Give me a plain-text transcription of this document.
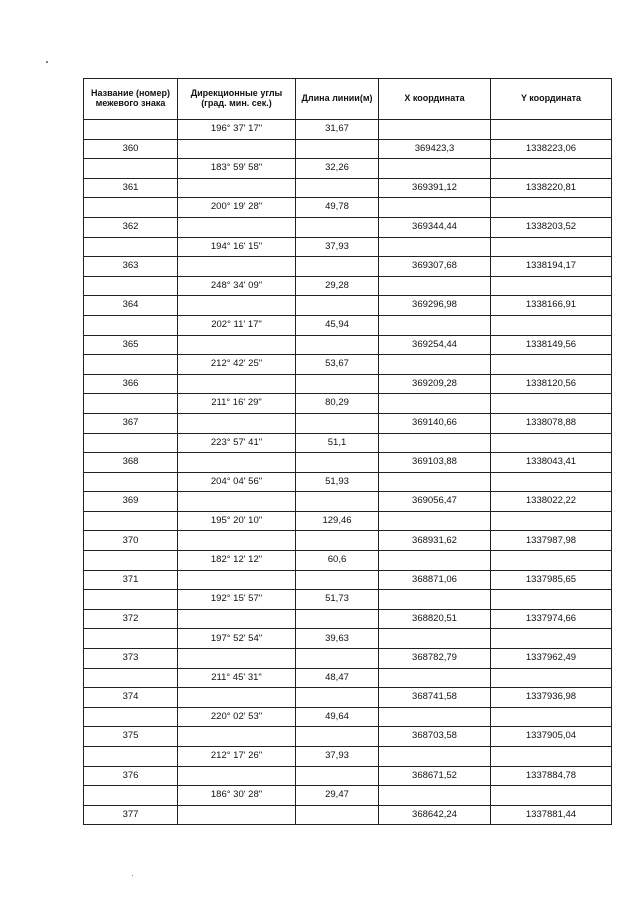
Название (номер) межевого знака	Дирекционные углы (град. мин. сек.)	Длина линии(м)	X координата	Y координата
	196° 37' 17"	31,67		
360			369423,3	1338223,06
	183° 59' 58"	32,26		
361			369391,12	1338220,81
	200° 19' 28"	49,78		
362			369344,44	1338203,52
	194° 16' 15"	37,93		
363			369307,68	1338194,17
	248° 34' 09"	29,28		
364			369296,98	1338166,91
	202° 11' 17"	45,94		
365			369254,44	1338149,56
	212° 42' 25"	53,67		
366			369209,28	1338120,56
	211° 16' 29"	80,29		
367			369140,66	1338078,88
	223° 57' 41"	51,1		
368			369103,88	1338043,41
	204° 04' 56"	51,93		
369			369056,47	1338022,22
	195° 20' 10"	129,46		
370			368931,62	1337987,98
	182° 12' 12"	60,6		
371			368871,06	1337985,65
	192° 15' 57"	51,73		
372			368820,51	1337974,66
	197° 52' 54"	39,63		
373			368782,79	1337962,49
	211° 45' 31"	48,47		
374			368741,58	1337936,98
	220° 02' 53"	49,64		
375			368703,58	1337905,04
	212° 17' 26"	37,93		
376			368671,52	1337884,78
	186° 30' 28"	29,47		
377			368642,24	1337881,44
